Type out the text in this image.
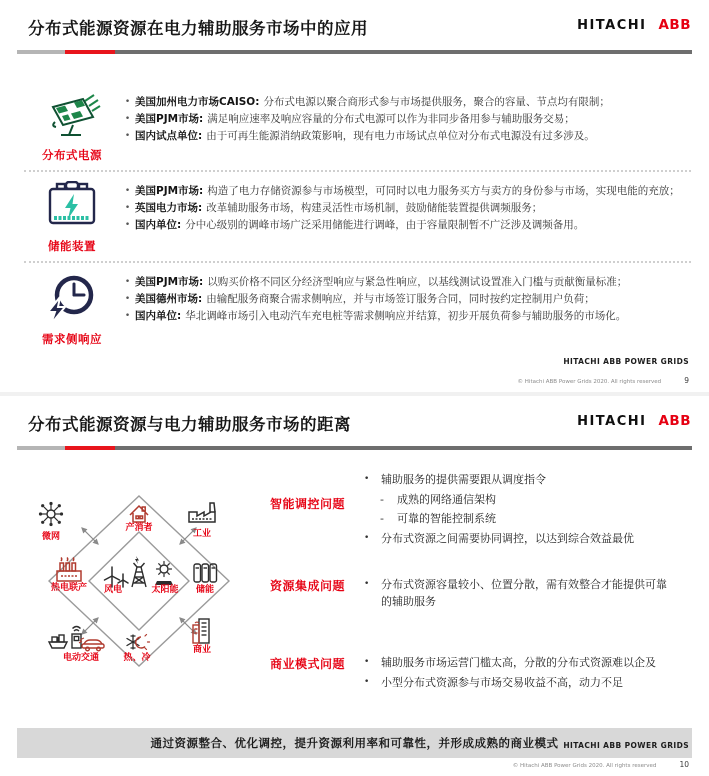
分布式能源资源在电力辅助服务市场中的应用	HITACHI ABB
分布式电源
• 美国加州电力市场CAISO: 分布式电源以聚合商形式参与市场提供服务，聚合的容量、节点均有限制；
• 美国PJM市场: 满足响应速率及响应容量的分布式电源可以作为非同步备用参与辅助服务交易；
• 国内试点单位: 由于可再生能源消纳政策影响，现有电力市场试点单位对分布式电源没有过多涉及。
储能装置
• 美国PJM市场: 构造了电力存储资源参与市场模型，可同时以电力服务买方与卖方的身份参与市场，实现电能的充放；
• 英国电力市场: 改革辅助服务市场，构建灵活性市场机制，鼓励储能装置提供调频服务；
• 国内单位: 分中心级别的调峰市场广泛采用储能进行调峰，由于容量限制暂不广泛涉及调频备用。
需求侧响应
• 美国PJM市场: 以购买价格不同区分经济型响应与紧急性响应，以基线测试设置准入门槛与贡献衡量标准；
• 美国德州市场: 由输配服务商聚合需求侧响应，并与市场签订服务合同，同时按约定控制用户负荷；
• 国内单位: 华北调峰市场引入电动汽车充电桩等需求侧响应并结算，初步开展负荷参与辅助服务的市场化。
HITACHI ABB POWER GRIDS
© Hitachi ABB Power Grids 2020. All rights reserved	9
分布式能源资源与电力辅助服务市场的距离	HITACHI ABB
微网
产消者
工业
热电联产 风电	太阳能 储能
电动交通	热、冷
商业
智能调控问题
•	辅助服务的提供需要跟从调度指令
-	成熟的网络通信架构
-	可靠的智能控制系统
•	分布式资源之间需要协同调控，以达到综合效益最优
资源集成问题	•	分布式资源容量较小、位置分散，需有效整合才能提供可靠的辅助服务
商业模式问题	•	辅助服务市场运营门槛太高，分散的分布式资源难以企及
•	小型分布式资源参与市场交易收益不高，动力不足
通过资源整合、优化调控，提升资源利用率和可靠性，并形成成熟的商业模式 HITACHI ABB POWER GRIDS
© Hitachi ABB Power Grids 2020. All rights reserved	10
